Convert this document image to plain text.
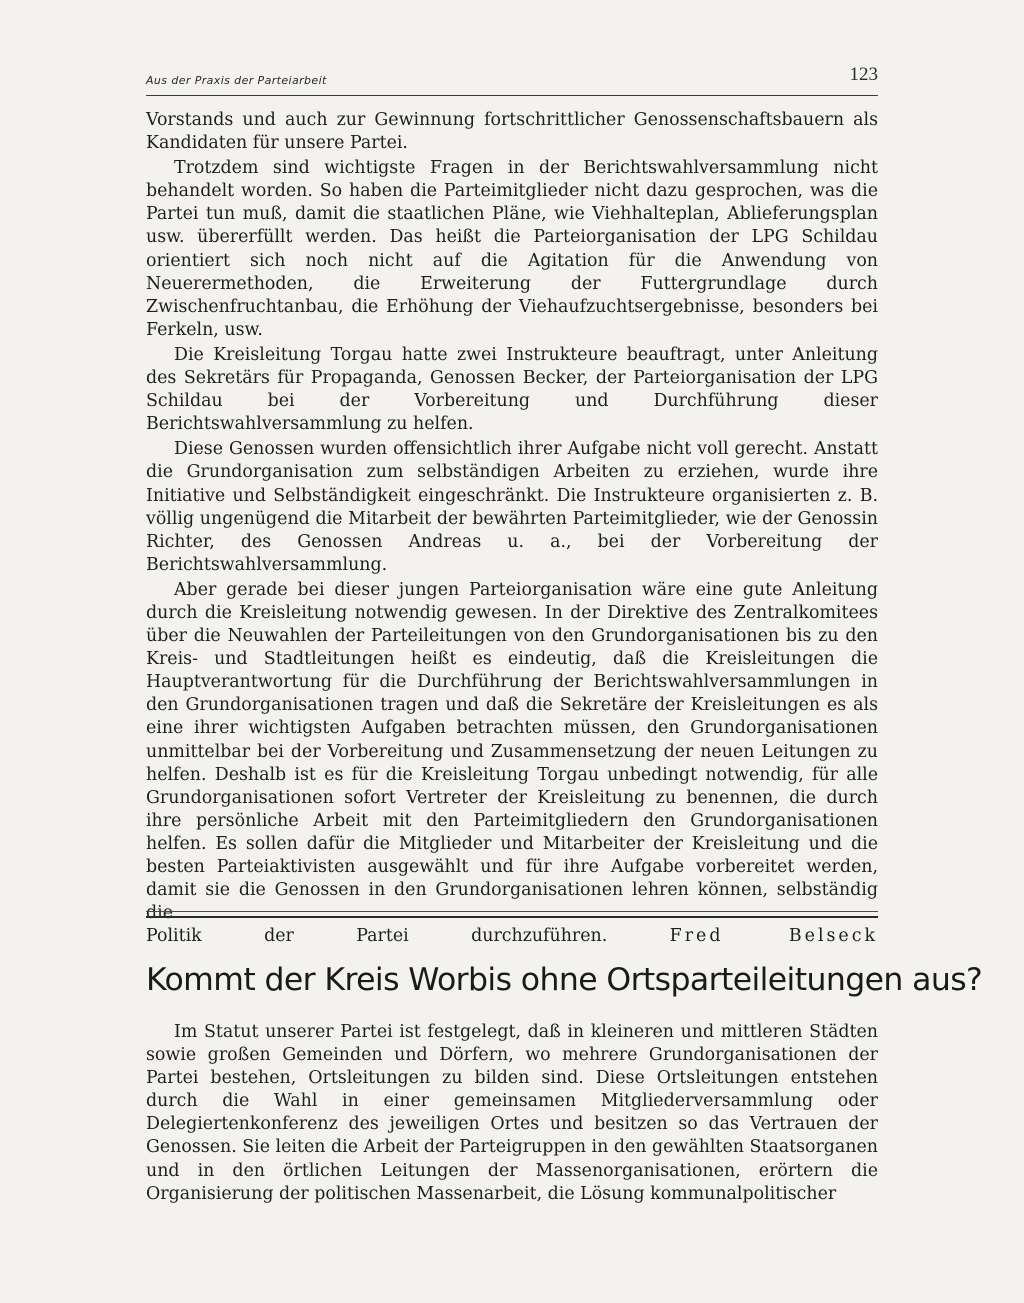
Aus der Praxis der Parteiarbeit	123

Vorstands und auch zur Gewinnung fortschrittlicher Genossenschaftsbauern als Kandidaten für unsere Partei.

Trotzdem sind wichtigste Fragen in der Berichtswahlversammlung nicht behandelt worden. So haben die Parteimitglieder nicht dazu gesprochen, was die Partei tun muß, damit die staatlichen Pläne, wie Viehhalteplan, Ablieferungsplan usw. übererfüllt werden. Das heißt die Parteiorganisation der LPG Schildau orientiert sich noch nicht auf die Agitation für die Anwendung von Neuerermethoden, die Erweiterung der Futtergrundlage durch Zwischenfruchtanbau, die Erhöhung der Viehaufzuchtsergebnisse, besonders bei Ferkeln, usw.

Die Kreisleitung Torgau hatte zwei Instrukteure beauftragt, unter Anleitung des Sekretärs für Propaganda, Genossen Becker, der Parteiorganisation der LPG Schildau bei der Vorbereitung und Durchführung dieser Berichtswahlversammlung zu helfen.

Diese Genossen wurden offensichtlich ihrer Aufgabe nicht voll gerecht. Anstatt die Grundorganisation zum selbständigen Arbeiten zu erziehen, wurde ihre Initiative und Selbständigkeit eingeschränkt. Die Instrukteure organisierten z. B. völlig ungenügend die Mitarbeit der bewährten Parteimitglieder, wie der Genossin Richter, des Genossen Andreas u. a., bei der Vorbereitung der Berichtswahlversammlung.

Aber gerade bei dieser jungen Parteiorganisation wäre eine gute Anleitung durch die Kreisleitung notwendig gewesen. In der Direktive des Zentralkomitees über die Neuwahlen der Parteileitungen von den Grundorganisationen bis zu den Kreis- und Stadtleitungen heißt es eindeutig, daß die Kreisleitungen die Hauptverantwortung für die Durchführung der Berichtswahlversammlungen in den Grundorganisationen tragen und daß die Sekretäre der Kreisleitungen es als eine ihrer wichtigsten Aufgaben betrachten müssen, den Grundorganisationen unmittelbar bei der Vorbereitung und Zusammensetzung der neuen Leitungen zu helfen. Deshalb ist es für die Kreisleitung Torgau unbedingt notwendig, für alle Grundorganisationen sofort Vertreter der Kreisleitung zu benennen, die durch ihre persönliche Arbeit mit den Parteimitgliedern den Grundorganisationen helfen. Es sollen dafür die Mitglieder und Mitarbeiter der Kreisleitung und die besten Parteiaktivisten ausgewählt und für ihre Aufgabe vorbereitet werden, damit sie die Genossen in den Grundorganisationen lehren können, selbständig die

Politik der Partei durchzuführen.	Fred Belseck

Kommt der Kreis Worbis ohne Ortsparteileitungen aus?

Im Statut unserer Partei ist festgelegt, daß in kleineren und mittleren Städten sowie großen Gemeinden und Dörfern, wo mehrere Grundorganisationen der Partei bestehen, Ortsleitungen zu bilden sind. Diese Ortsleitungen entstehen durch die Wahl in einer gemeinsamen Mitgliederversammlung oder Delegiertenkonferenz des jeweiligen Ortes und besitzen so das Vertrauen der Genossen. Sie leiten die Arbeit der Parteigruppen in den gewählten Staatsorganen und in den örtlichen Leitungen der Massenorganisationen, erörtern die Organisierung der politischen Massenarbeit, die Lösung kommunalpolitischer
